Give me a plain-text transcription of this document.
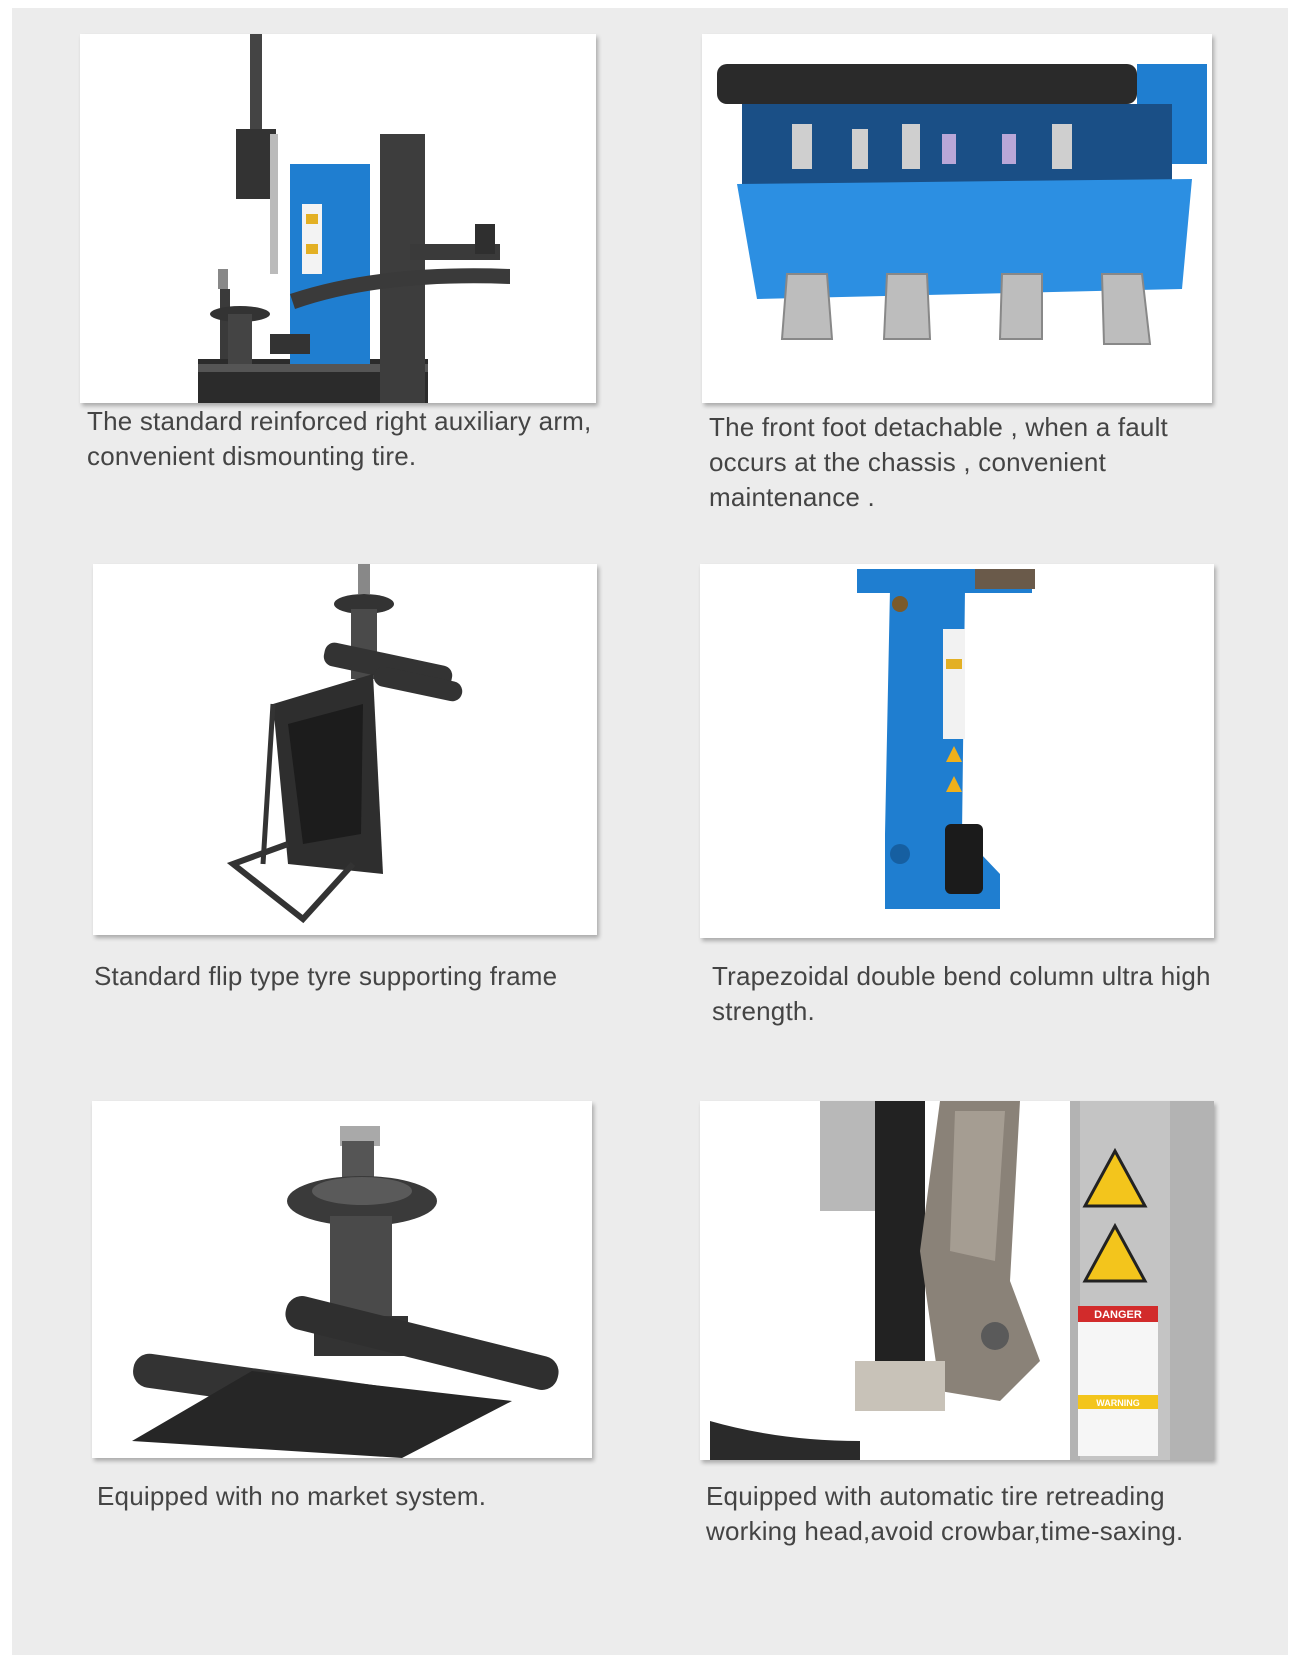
The standard reinforced right auxiliary arm, convenient dismounting tire.

The front foot detachable , when a fault occurs at the chassis , convenient maintenance .

Standard flip type tyre supporting frame	Trapezoidal double bend column ultra high strength.

Equipped with no market system.

DANGER
WARNING

Equipped with automatic tire retreading working head,avoid crowbar,time-saxing.
